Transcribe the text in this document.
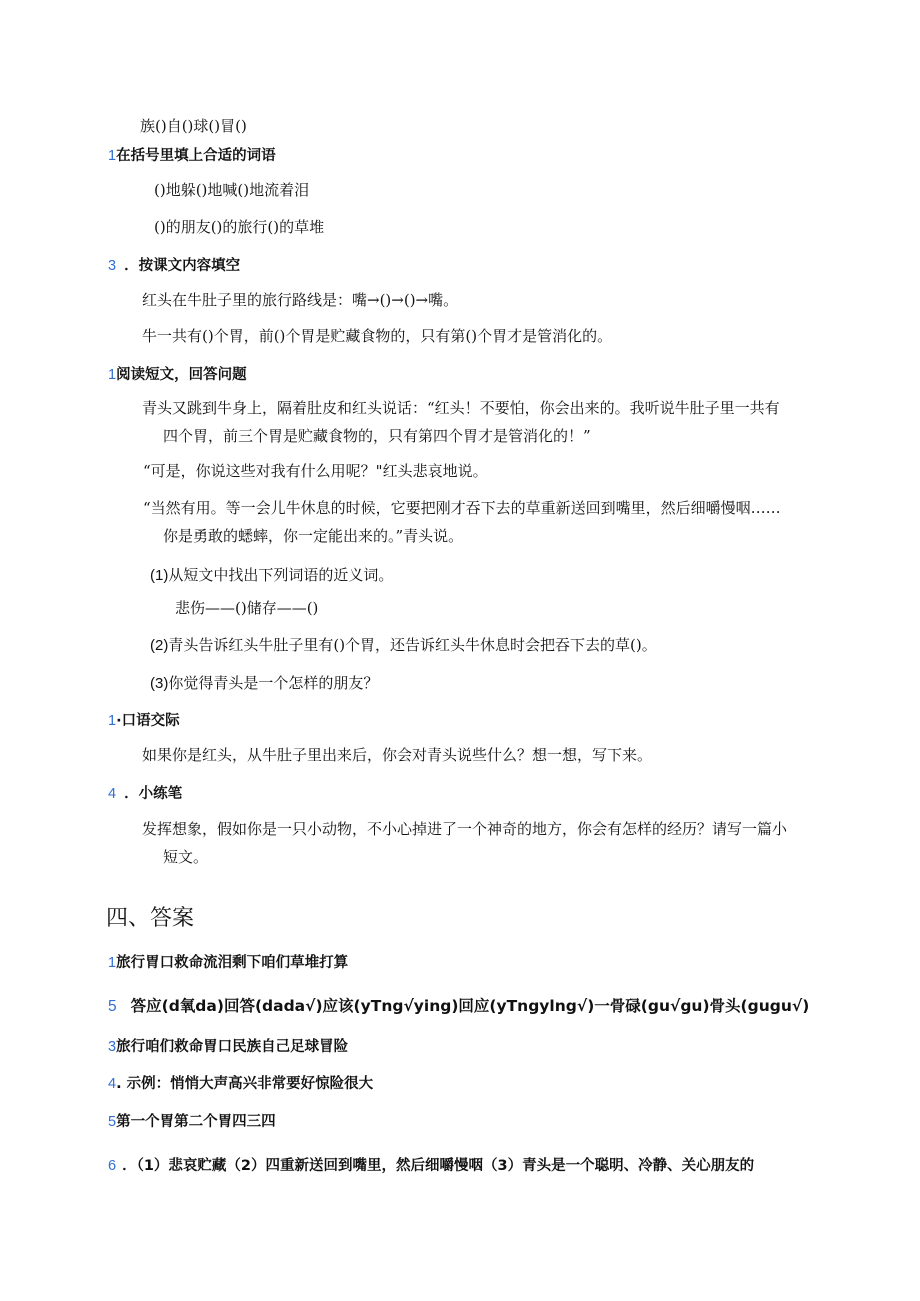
族()自()球()冒()
1在括号里填上合适的词语
()地躲()地喊()地流着泪
()的朋友()的旅行()的草堆
3 ．按课文内容填空
红头在牛肚子里的旅行路线是：嘴→()→()→嘴。
牛一共有()个胃，前()个胃是贮藏食物的，只有第()个胃才是管消化的。
1阅读短文，回答问题
青头又跳到牛身上，隔着肚皮和红头说话：“红头！不要怕，你会出来的。我听说牛肚子里一共有
四个胃，前三个胃是贮藏食物的，只有第四个胃才是管消化的！”
“可是，你说这些对我有什么用呢？"红头悲哀地说。
“当然有用。等一会儿牛休息的时候，它要把刚才吞下去的草重新送回到嘴里，然后细嚼慢咽……
你是勇敢的蟋蟀，你一定能出来的。”青头说。
(1)从短文中找出下列词语的近义词。
悲伤——()储存——()
(2)青头告诉红头牛肚子里有()个胃，还告诉红头牛休息时会把吞下去的草()。
(3)你觉得青头是一个怎样的朋友？
1·口语交际
如果你是红头，从牛肚子里出来后，你会对青头说些什么？想一想，写下来。
4 ．小练笔
发挥想象，假如你是一只小动物，不小心掉进了一个神奇的地方，你会有怎样的经历？请写一篇小
短文。
四、答案
1旅行胃口救命流泪剩下咱们草堆打算
5 答应(d氧da)回答(dada√)应该(yTng√ying)回应(yTngylng√)一骨碌(gu√gu)骨头(gugu√)
3旅行咱们救命胃口民族自己足球冒险
4. 示例：悄悄大声高兴非常要好惊险很大
5第一个胃第二个胃四三四
6 ．（1）悲哀贮藏（2）四重新送回到嘴里，然后细嚼慢咽（3）青头是一个聪明、冷静、关心朋友的
